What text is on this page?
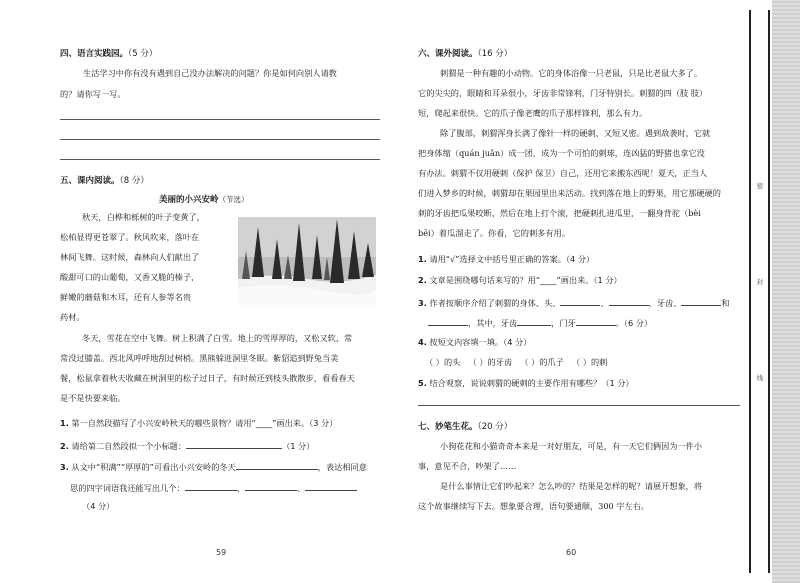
四、语言实践园。（5 分）
生活学习中你有没有遇到自己没办法解决的问题？你是如何向别人请教
的？请你写一写。
五、课内阅读。（8 分）
美丽的小兴安岭（节选）
秋天，白桦和栎树的叶子变黄了，
松柏显得更苍翠了。秋风吹来，落叶在
林间飞舞。这时候，森林向人们献出了
酸甜可口的山葡萄，又香又脆的榛子，
鲜嫩的蘑菇和木耳，还有人参等名贵
药材。
冬天，雪花在空中飞舞。树上积满了白雪。地上的雪厚厚的，又松又软，常
常没过膝盖。西北风呼呼地刮过树梢。黑熊躲进洞里冬眠。紫貂追到野兔当美
餐，松鼠拿着秋天收藏在树洞里的松子过日子，有时候还到枝头散散步，看看春天
是不是快要来临。
1. 第一自然段描写了小兴安岭秋天的哪些景物？请用“____”画出来。（3 分）
2. 请给第二自然段拟一个小标题：	（1 分）
3. 从文中“积满”“厚厚的”可看出小兴安岭的冬天	，表达相同意
思的四字词语我还能写出几个：	、	、
（4 分）
59
六、课外阅读。（16 分）
刺猬是一种有趣的小动物。它的身体浴像一只老鼠，只是比老鼠大多了。
它的尖尖的，眼睛和耳朵很小，牙齿非常锋利，门牙特别长。刺猬的四（肢 肢）
短，爬起来很快。它的爪子像老鹰的爪子那样锋利，那么有力。
除了腹部，刺猬浑身长满了像针一样的硬刺，又短又密。遇到敌袭时，它就
把身体缩（quán juǎn）成一团，成为一个可怕的刺球，连凶猛的野猪也拿它没
有办法。刺猬不仅用硬刺（保护 保卫）自己，还用它来搬东西呢！夏天，正当人
们进入梦乡的时候，刺猬却在果园里出来活动。找到落在地上的野果，用它那硬硬的
刺的牙齿把瓜果咬断，然后在地上打个滚，把硬刺扎进瓜里，一翻身背驼（bèi
bēi）着瓜溜走了。你看，它的刺多有用。
1. 请用“√”选择文中括号里正确的答案。（4 分）
2. 文章是围绕哪句话来写的？用“____”画出来。（1 分）
3. 作者按顺序介绍了刺猬的身体、头、	、	，牙齿、	和
，其中，牙齿	，门牙	。（6 分）
4. 按短文内容填一填。（4 分）
（ ）的头  （ ）的牙齿  （ ）的爪子  （ ）的刺
5. 结合观察，说说刺猬的硬刺的主要作用有哪些？（1 分）
七、妙笔生花。（20 分）
小狗花花和小猫奇奇本来是一对好朋友，可是，有一天它们俩因为一件小
事，意见不合，吵架了……
是什么事情让它们吵起来？怎么吵的？结果是怎样的呢？请展开想象，将
这个故事继续写下去。想象要合理，语句要通顺，300 字左右。
60
密
封
线
